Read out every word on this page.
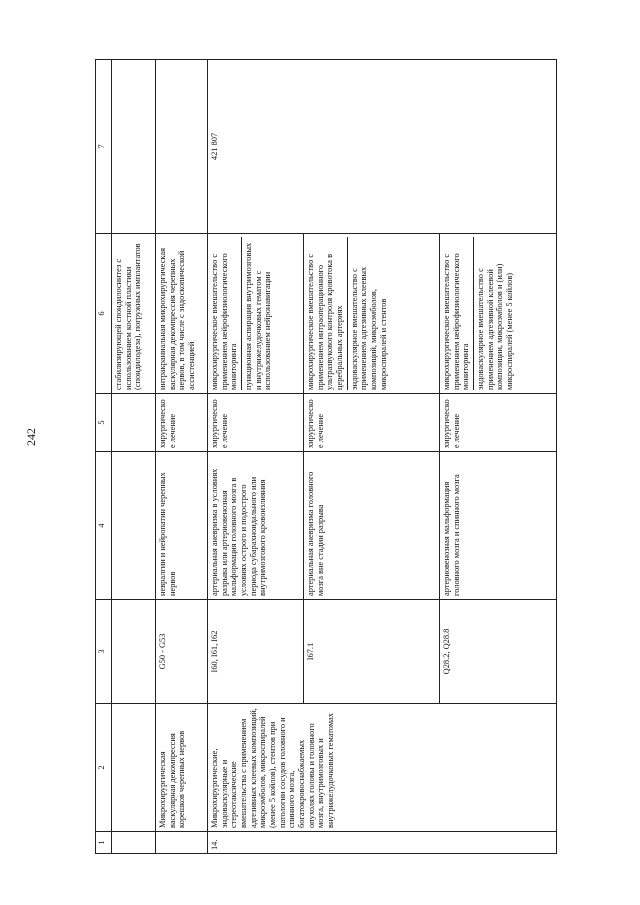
242
1	2	3	4	5	6	7
					стабилизирующей спондилосинтез с использованием костной пластики (спондилодеза), погружных имплантатов	
	Микрохирургическая васкулярная декомпрессия корешков черепных нервов	G50 - G53	невралгии и нейропатии черепных нервов	хирургическое лечение	интракраниальная микрохирургическая васкулярная декомпрессия черепных нервов, в том числе с эндоскопической ассистенцией	
14.	Микрохирургические, эндоваскулярные и стереотаксические вмешательства с применением адгезивных клеевых композиций, микроэмболов, микроспиралей (менее 5 койлов), стентов при патологии сосудов головного и спинного мозга, богатокровоснабжаемых опухолях головы и головного мозга, внутримозговых и внутрижелудочковых гематомах	I60, I61, I62	артериальная аневризма в условиях разрыва или артериовенозная мальформация головного мозга в условиях острого и подострого периода субарахноидального или внутримозгового кровоизлияния	хирургическое лечение	микрохирургическое вмешательство с применением нейрофизиологического мониторинга пункционная аспирация внутримозговых и внутрижелудочковых гематом с использованием нейронавигации	421 807
		I67.1	артериальная аневризма головного мозга вне стадии разрыва	хирургическое лечение	микрохирургическое вмешательство с применением интраоперационного ультразвукового контроля кровотока в церебральных артериях эндоваскулярное вмешательство с применением адгезивных клеевых композиций, микроэмболов, микроспиралей и стентов	

		Q28.2, Q28.8	артериовенозная мальформация головного мозга и спинного мозга	хирургическое лечение	микрохирургическое вмешательство с применением нейрофизиологического мониторинга эндоваскулярное вмешательство с применением адгезивной клеевой композиции, микроэмболов и (или) микроспиралей (менее 5 койлов)	
